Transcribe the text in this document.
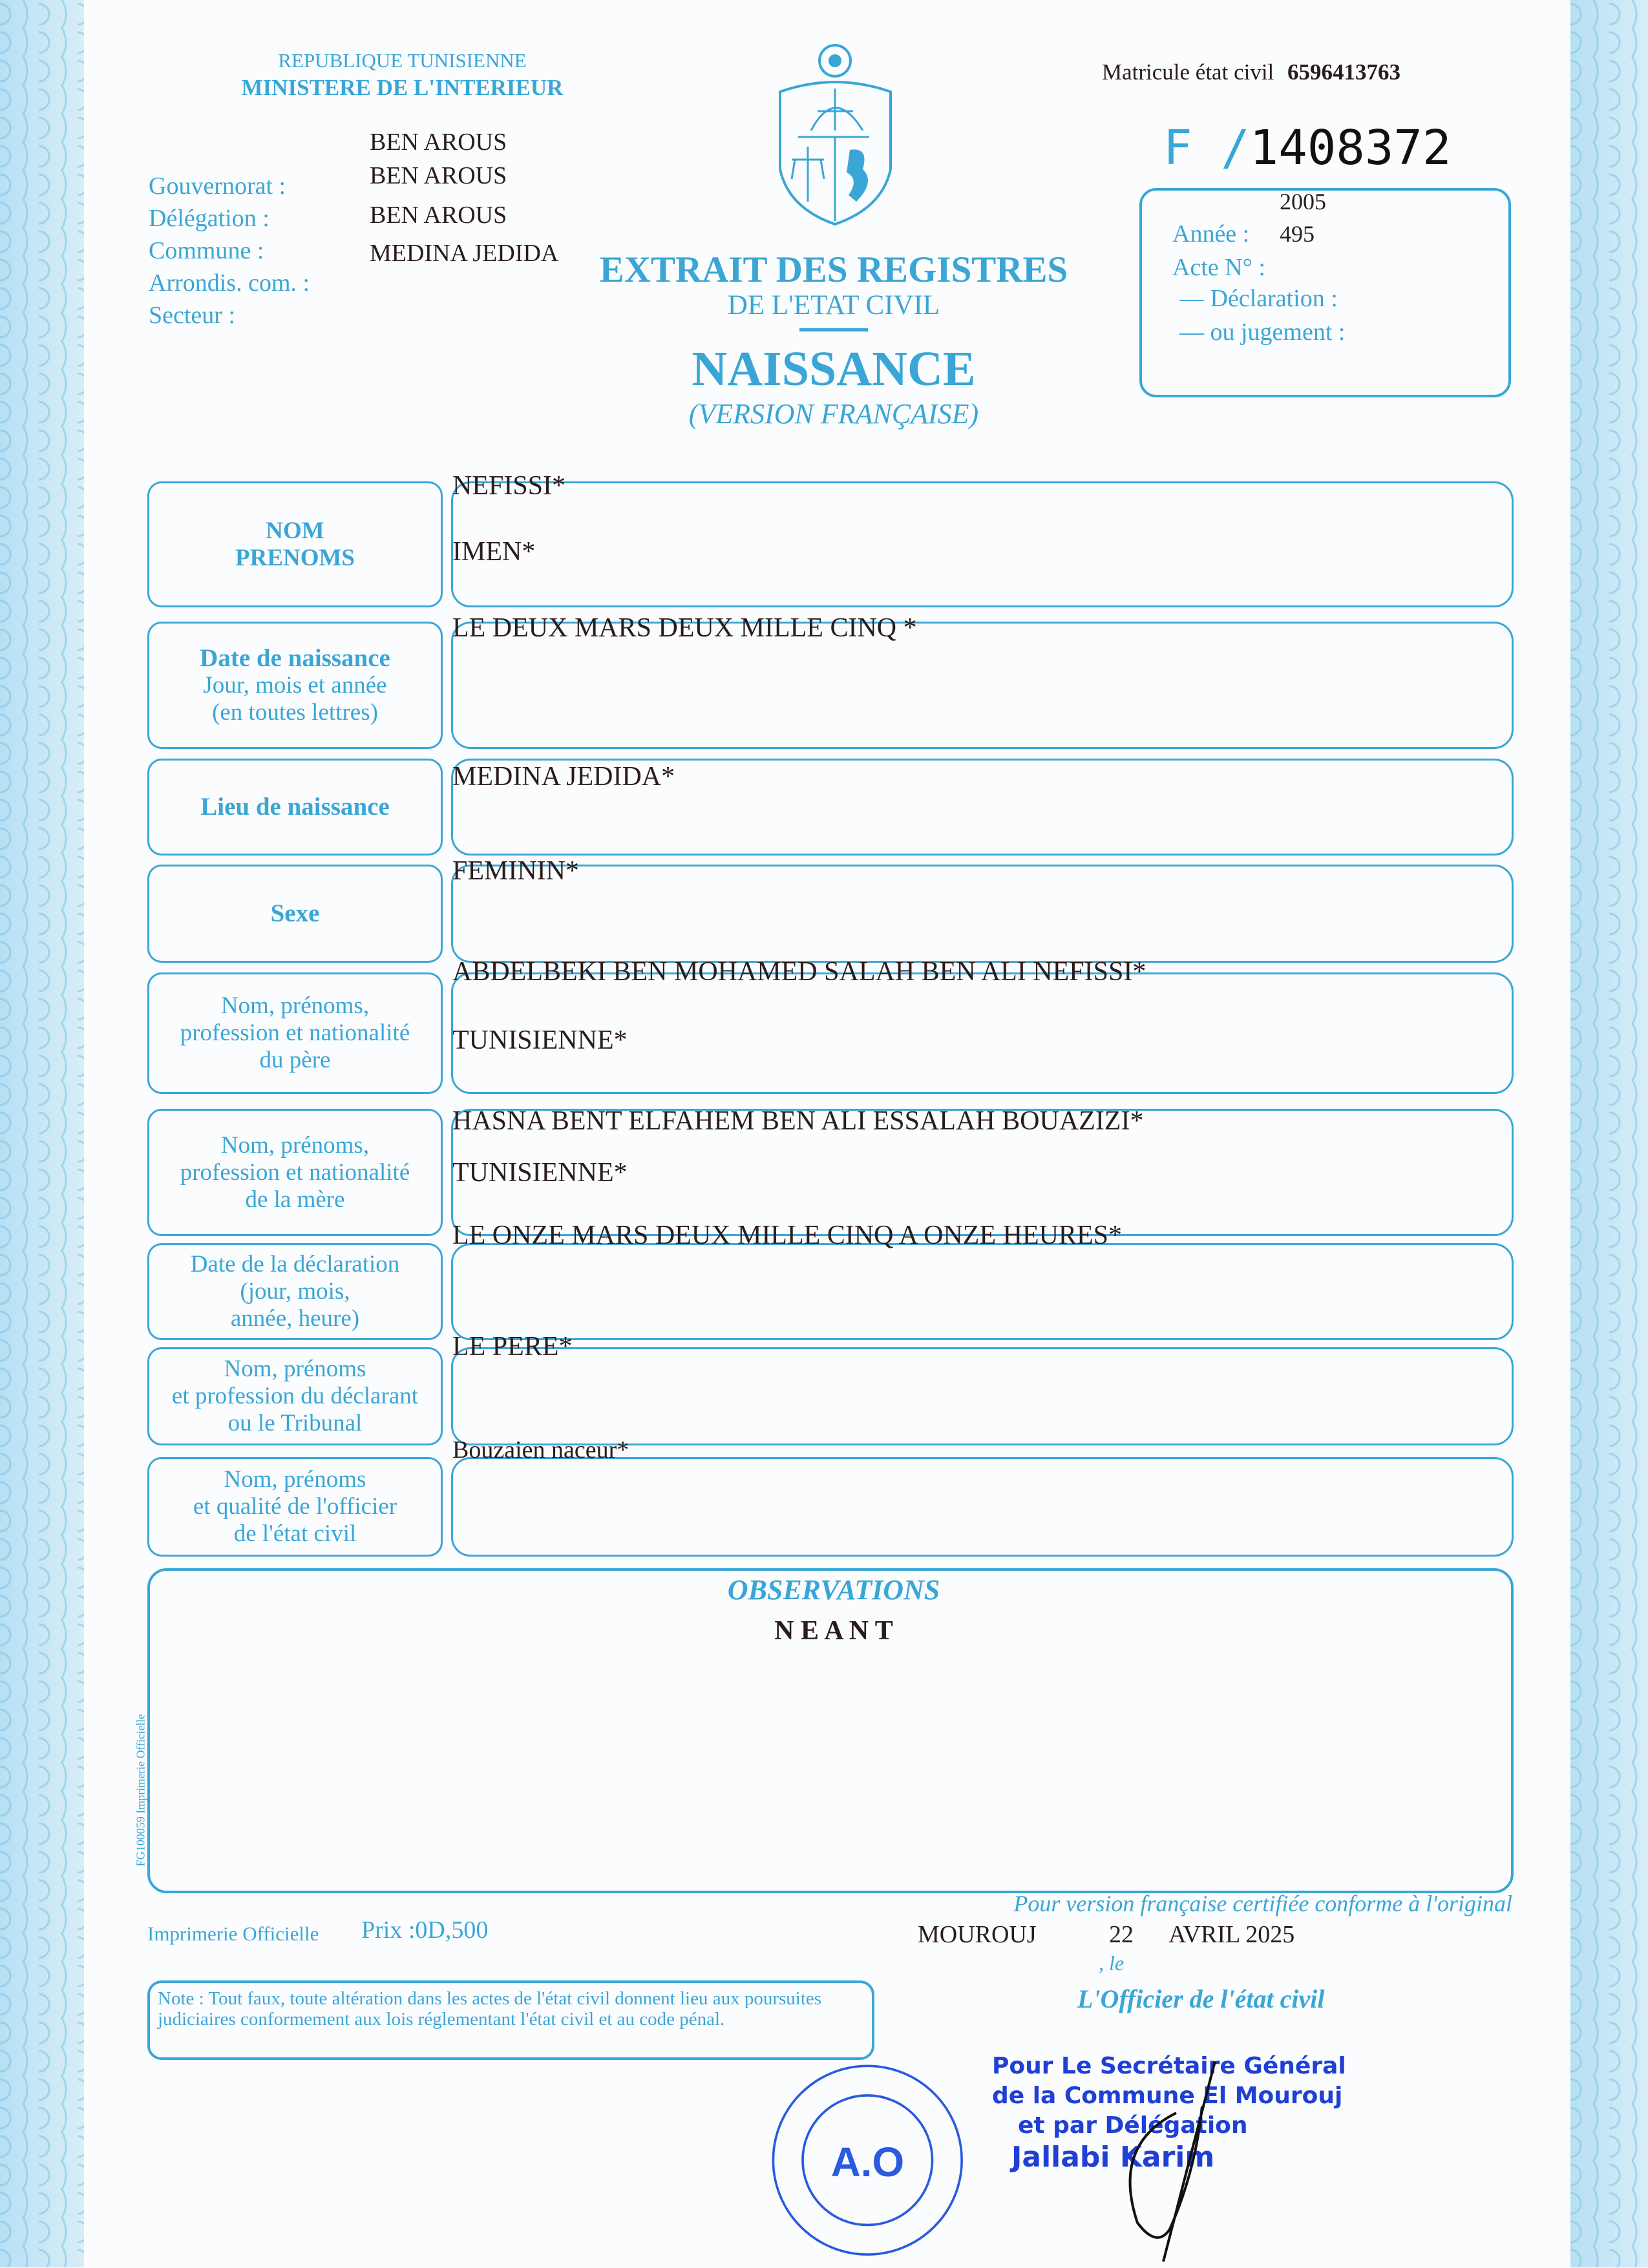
REPUBLIQUE TUNISIENNE
MINISTERE DE L'INTERIEUR
Gouvernorat :
Délégation :
Commune :
Arrondis. com. :
Secteur :
BEN AROUS
BEN AROUS
BEN AROUS
MEDINA JEDIDA
Matricule état civil 6596413763
F /1408372
Année :
2005
495
Acte N° :
— Déclaration :
— ou jugement :
EXTRAIT DES REGISTRES
DE L'ETAT CIVIL
NAISSANCE
(VERSION FRANÇAISE)
NOM
PRENOMS
Date de naissance
Jour, mois et année
(en toutes lettres)
Lieu de naissance
Sexe
Nom, prénoms,
profession et nationalité
du père
Nom, prénoms,
profession et nationalité
de la mère
Date de la déclaration
(jour, mois,
année, heure)
Nom, prénoms
et profession du déclarant
ou le Tribunal
Nom, prénoms
et qualité de l'officier
de l'état civil
NEFISSI*
IMEN*
LE DEUX MARS DEUX MILLE CINQ *
MEDINA JEDIDA*
FEMININ*
ABDELBEKI BEN MOHAMED SALAH BEN ALI NEFISSI*
TUNISIENNE*
HASNA BENT ELFAHEM BEN ALI ESSALAH BOUAZIZI*
TUNISIENNE*
LE ONZE MARS DEUX MILLE CINQ A ONZE HEURES*
LE PERE*
Bouzaien naceur*
OBSERVATIONS
N E A N T
FG100059 Imprimerie Officielle
Imprimerie Officielle Prix :0D,500
Pour version française certifiée conforme à l'original
MOUROUJ
, le
22 AVRIL 2025
L'Officier de l'état civil
Note : Tout faux, toute altération dans les actes de l'état civil donnent lieu aux poursuites judiciaires conformement aux lois réglementant l'état civil et au code pénal.
A.O
Pour Le Secrétaire Général
de la Commune El Mourouj
et par Délégation
Jallabi Karim
